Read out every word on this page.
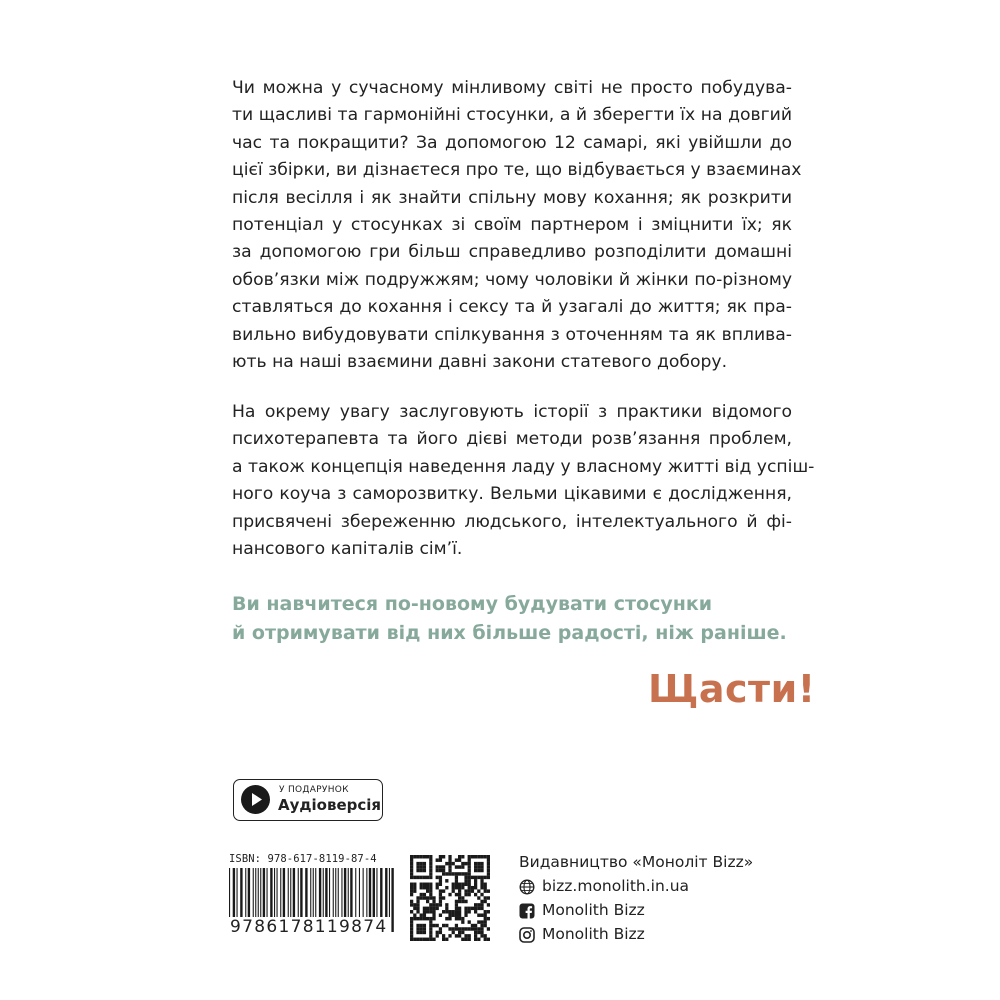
Чи можна у сучасному мінливому світі не просто побудува-
ти щасливі та гармонійні стосунки, а й зберегти їх на довгий
час та покращити? За допомогою 12 самарі, які увійшли до
цієї збірки, ви дізнаєтеся про те, що відбувається у взаєминах
після весілля і як знайти спільну мову кохання; як розкрити
потенціал у стосунках зі своїм партнером і зміцнити їх; як
за допомогою гри більш справедливо розподілити домашні
обов’язки між подружжям; чому чоловіки й жінки по-різному
ставляться до кохання і сексу та й узагалі до життя; як пра-
вильно вибудовувати спілкування з оточенням та як вплива-
ють на наші взаємини давні закони статевого добору.
На окрему увагу заслуговують історії з практики відомого
психотерапевта та його дієві методи розв’язання проблем,
а також концепція наведення ладу у власному житті від успіш-
ного коуча з саморозвитку. Вельми цікавими є дослідження,
присвячені збереженню людського, інтелектуального й фі-
нансового капіталів сім’ї.
Ви навчитеся по-новому будувати стосунки
й отримувати від них більше радості, ніж раніше.
Щасти!
У ПОДАРУНОК
Аудіоверсія
ISBN: 978-617-8119-87-4
9786178119874
Видавництво «Моноліт Bizz»
bizz.monolith.in.ua
Monolith Bizz
Monolith Bizz
